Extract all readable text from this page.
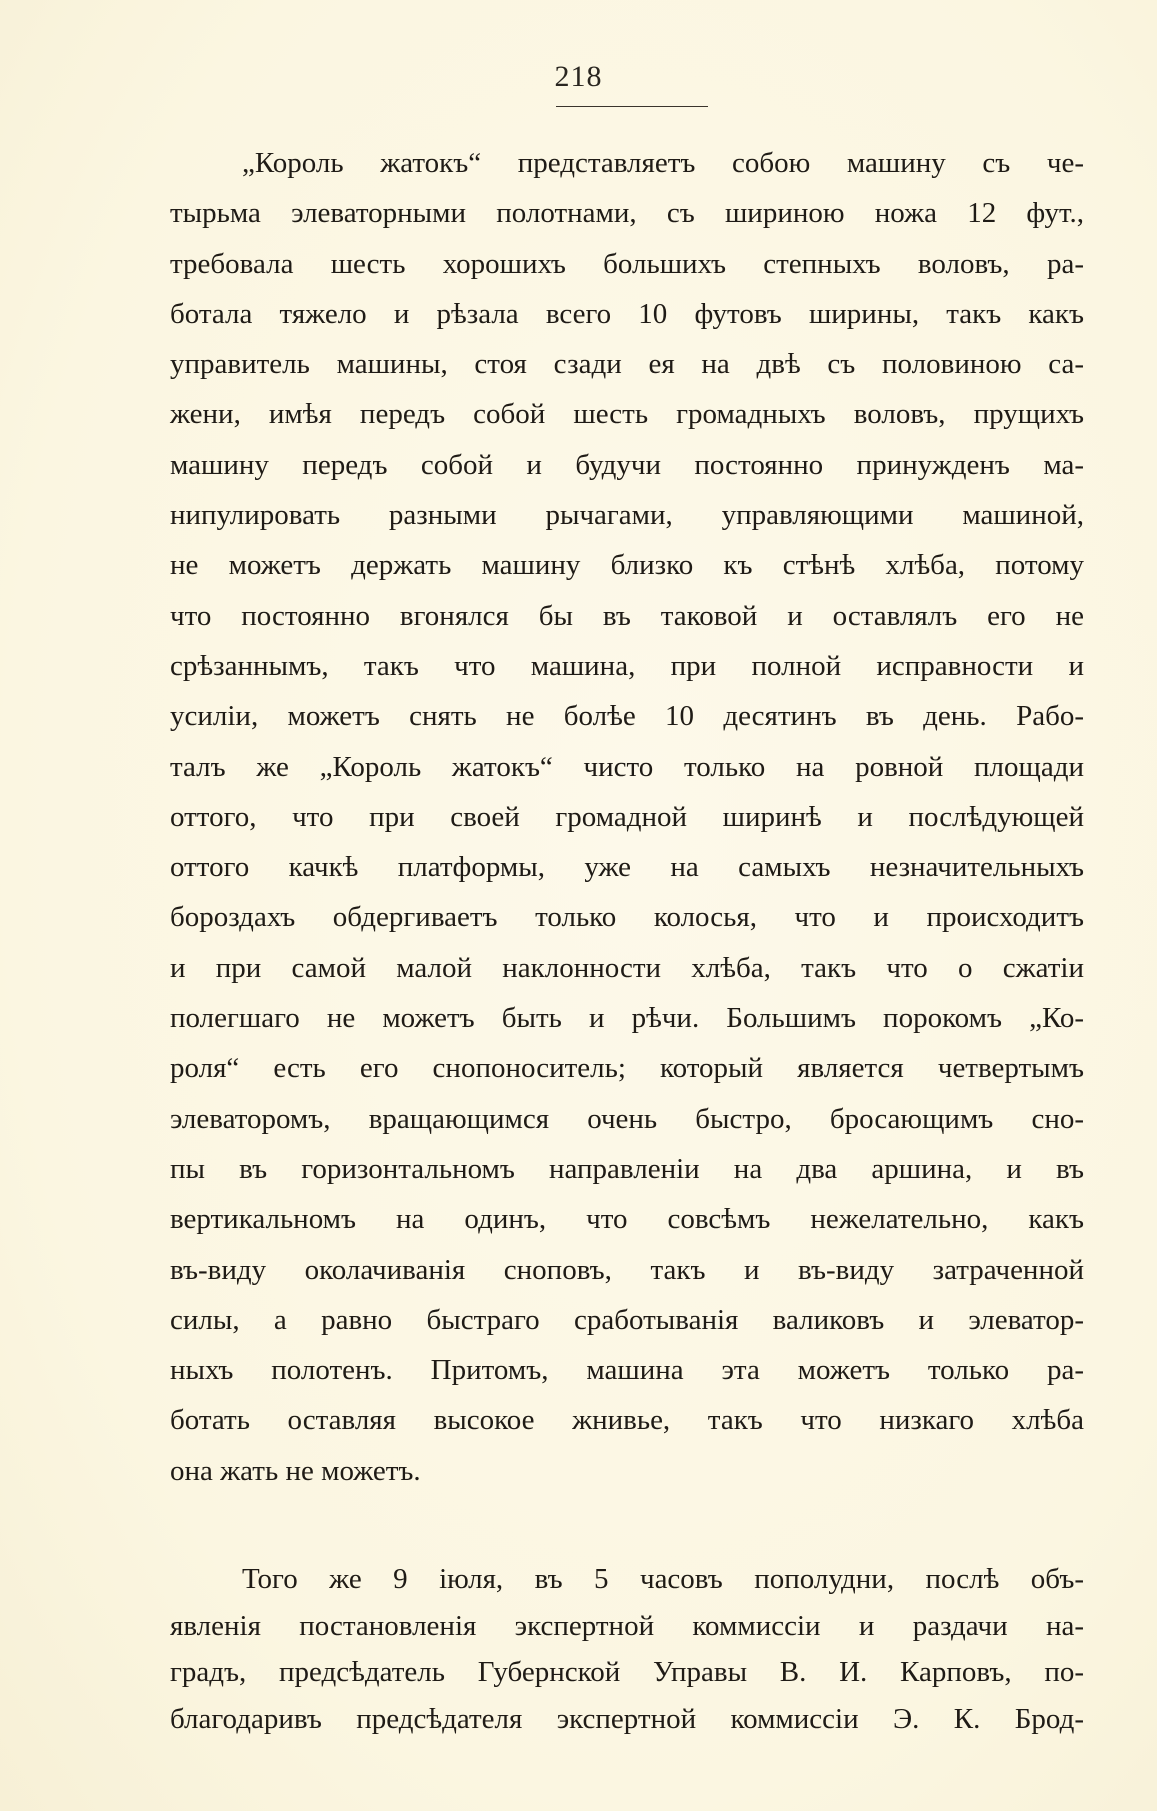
218
„Король жатокъ“ представляетъ собою машину съ че-
тырьма элеваторными полотнами, съ шириною ножа 12 фут.,
требовала шесть хорошихъ большихъ степныхъ воловъ, ра-
ботала тяжело и рѣзала всего 10 футовъ ширины, такъ какъ
управитель машины, стоя сзади ея на двѣ съ половиною са-
жени, имѣя передъ собой шесть громадныхъ воловъ, прущихъ
машину передъ собой и будучи постоянно принужденъ ма-
нипулировать разными рычагами, управляющими машиной,
не можетъ держать машину близко къ стѣнѣ хлѣба, потому
что постоянно вгонялся бы въ таковой и оставлялъ его не
срѣзаннымъ, такъ что машина, при полной исправности и
усилiи, можетъ снять не болѣе 10 десятинъ въ день. Рабо-
талъ же „Король жатокъ“ чисто только на ровной площади
оттого, что при своей громадной ширинѣ и послѣдующей
оттого качкѣ платформы, уже на самыхъ незначительныхъ
бороздахъ обдергиваетъ только колосья, что и происходитъ
и при самой малой наклонности хлѣба, такъ что о сжатiи
полегшаго не можетъ быть и рѣчи. Большимъ порокомъ „Ко-
роля“ есть его снопоноситель; который является четвертымъ
элеваторомъ, вращающимся очень быстро, бросающимъ сно-
пы въ горизонтальномъ направленiи на два аршина, и въ
вертикальномъ на одинъ, что совсѣмъ нежелательно, какъ
въ-виду околачиванiя сноповъ, такъ и въ-виду затраченной
силы, а равно быстраго сработыванiя валиковъ и элеватор-
ныхъ полотенъ. Притомъ, машина эта можетъ только ра-
ботать оставляя высокое жнивье, такъ что низкаго хлѣба
она жать не можетъ.
Того же 9 iюля, въ 5 часовъ пополудни, послѣ объ-
явленiя постановленiя экспертной коммиссiи и раздачи на-
градъ, предсѣдатель Губернской Управы В. И. Карповъ, по-
благодаривъ предсѣдателя экспертной коммиссiи Э. К. Брод-
